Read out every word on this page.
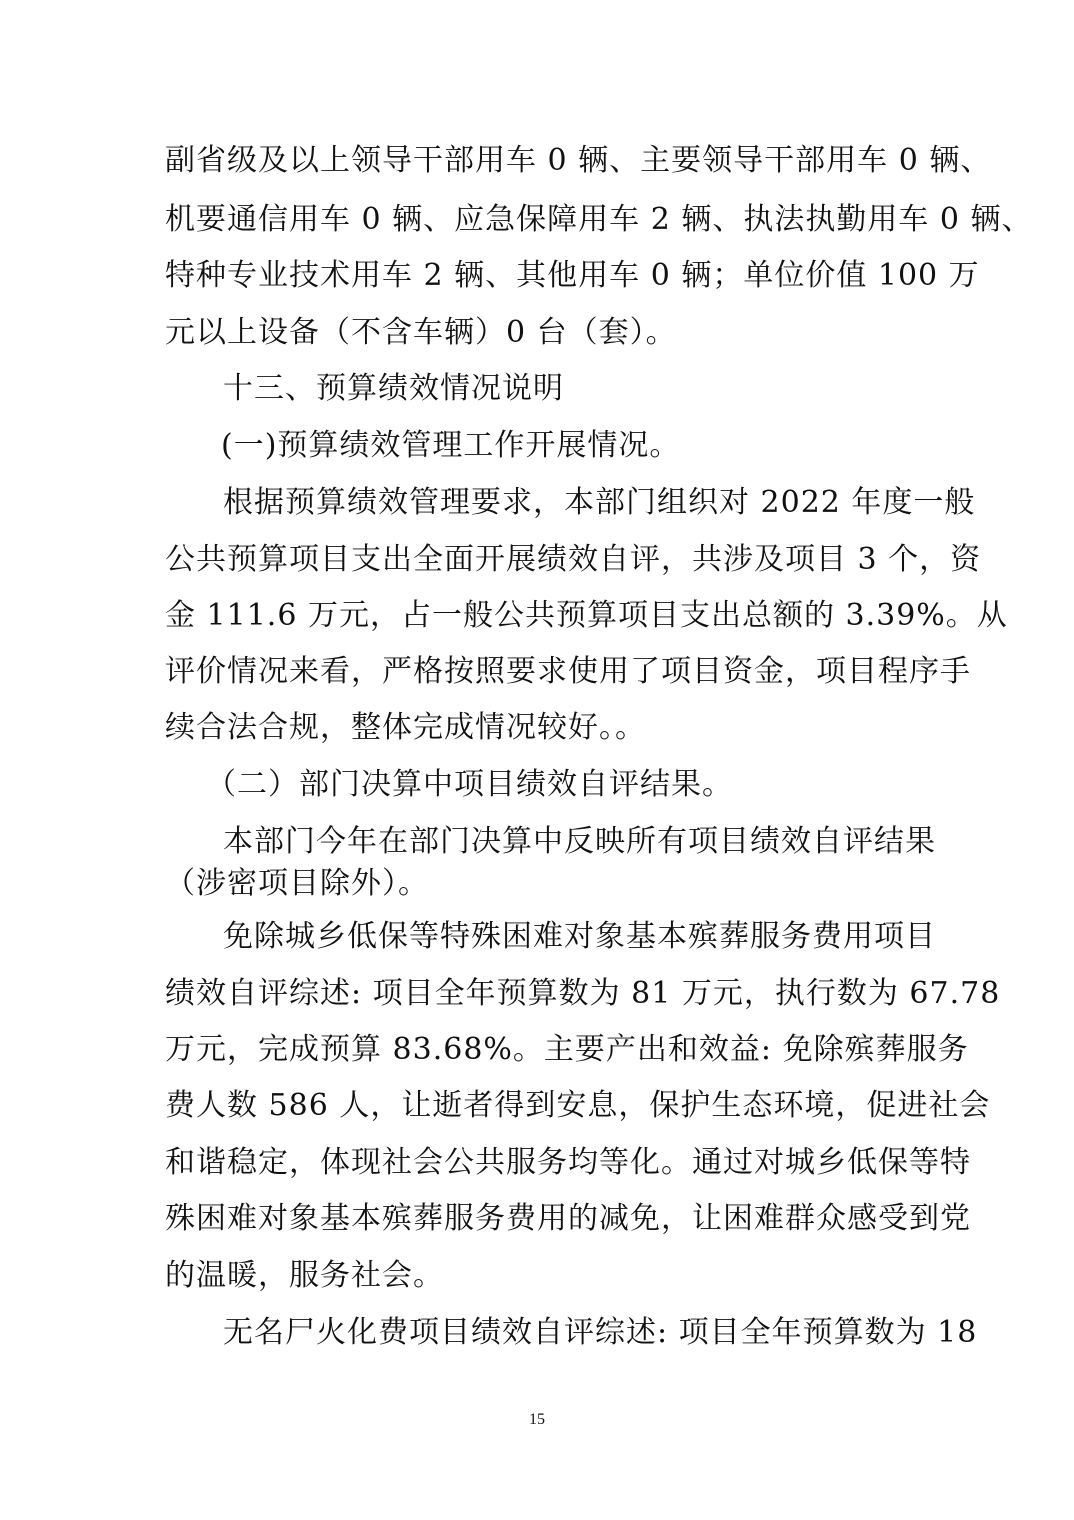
副省级及以上领导干部用车 0 辆、主要领导干部用车 0 辆、
机要通信用车 0 辆、应急保障用车 2 辆、执法执勤用车 0 辆、
特种专业技术用车 2 辆、其他用车 0 辆；单位价值 100 万
元以上设备（不含车辆）0 台（套）。
十三、预算绩效情况说明
(一)预算绩效管理工作开展情况。
根据预算绩效管理要求，本部门组织对 2022 年度一般
公共预算项目支出全面开展绩效自评，共涉及项目 3 个，资
金 111.6 万元，占一般公共预算项目支出总额的 3.39%。从
评价情况来看，严格按照要求使用了项目资金，项目程序手
续合法合规，整体完成情况较好。。
（二）部门决算中项目绩效自评结果。
本部门今年在部门决算中反映所有项目绩效自评结果
（涉密项目除外）。
免除城乡低保等特殊困难对象基本殡葬服务费用项目
绩效自评综述: 项目全年预算数为 81 万元，执行数为 67.78
万元，完成预算 83.68%。主要产出和效益: 免除殡葬服务
费人数 586 人，让逝者得到安息，保护生态环境，促进社会
和谐稳定，体现社会公共服务均等化。通过对城乡低保等特
殊困难对象基本殡葬服务费用的减免，让困难群众感受到党
的温暖，服务社会。
无名尸火化费项目绩效自评综述: 项目全年预算数为 18
15
